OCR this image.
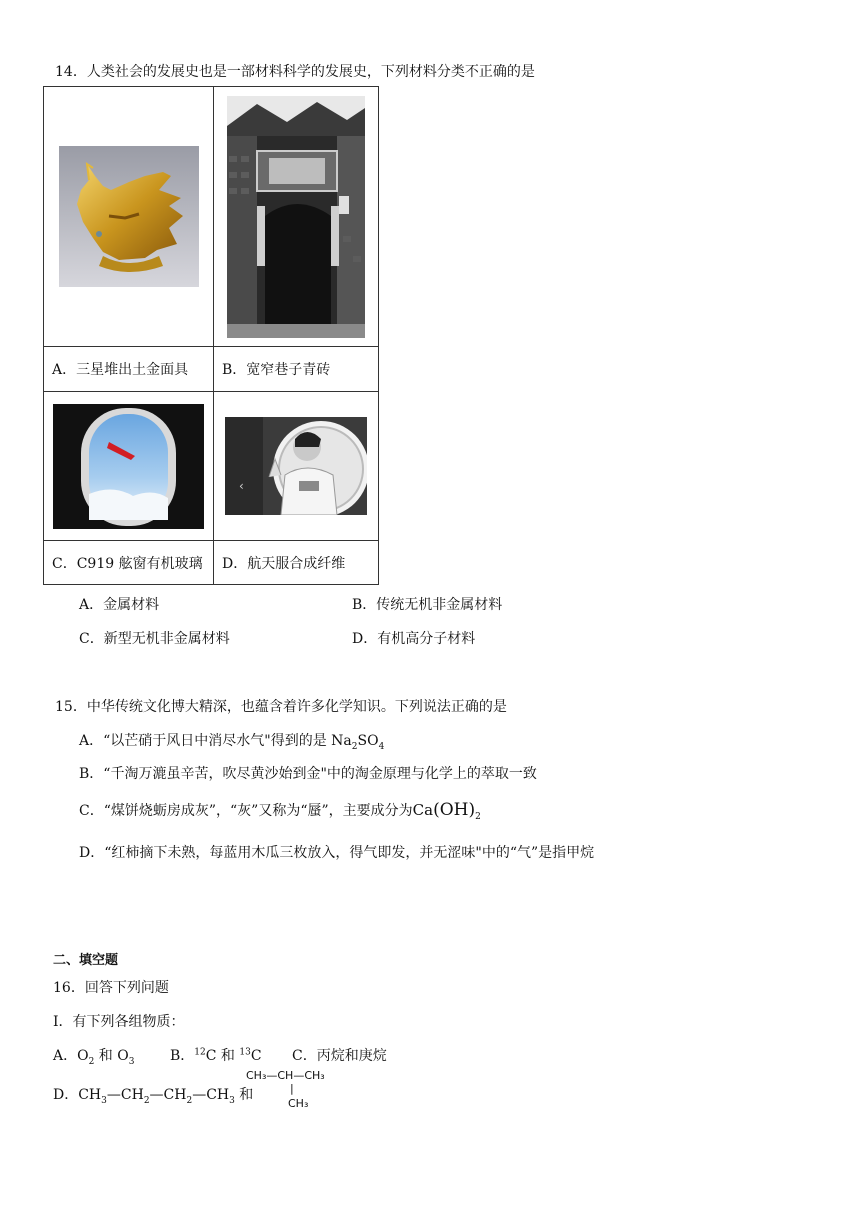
14．人类社会的发展史也是一部材料科学的发展史，下列材料分类不正确的是

A．三星堆出土金面具	B．宽窄巷子青砖

‹

C．C919 舷窗有机玻璃	D．航天服合成纤维
A．金属材料	B．传统无机非金属材料
C．新型无机非金属材料	D．有机高分子材料
15．中华传统文化博大精深，也蕴含着许多化学知识。下列说法正确的是
A．“以芒硝于风日中消尽水气"得到的是 $Na_2SO_4$
B．“千淘万漉虽辛苦，吹尽黄沙始到金"中的淘金原理与化学上的萃取一致
C．“煤饼烧蛎房成灰”，“灰”又称为“蜃”，主要成分为$Ca(OH)_2$
D．“红柿摘下未熟，每蓝用木瓜三枚放入，得气即发，并无涩味"中的“气”是指甲烷
二、填空题
16．回答下列问题
Ⅰ．有下列各组物质：
A．$O_2$ 和 $O_3$	B．$^{12}$C 和 $^{13}$C C．丙烷和庚烷
D．$CH_3—CH_2—CH_2—CH_3$ 和
CH₃—CH—CH₃
|
CH₃
